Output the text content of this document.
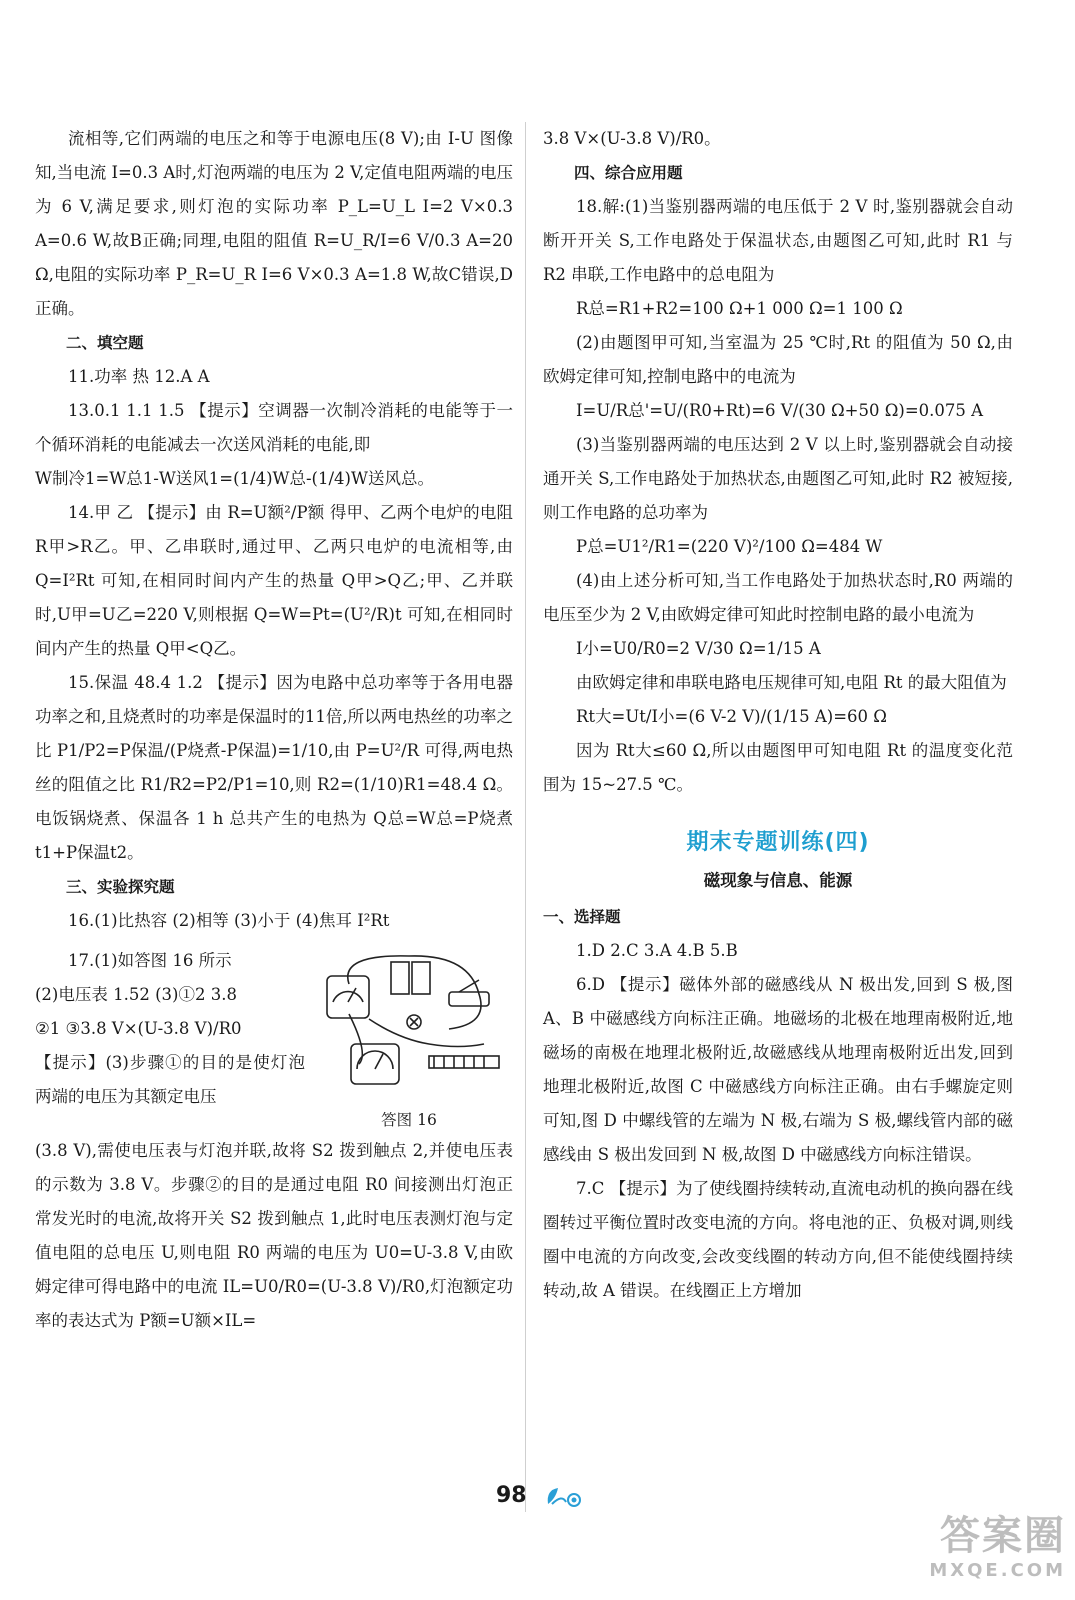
流相等,它们两端的电压之和等于电源电压(8 V);由 I-U 图像知,当电流 I=0.3 A时,灯泡两端的电压为 2 V,定值电阻两端的电压为 6 V,满足要求,则灯泡的实际功率 P_L=U_L I=2 V×0.3 A=0.6 W,故B正确;同理,电阻的阻值 R=U_R/I=6 V/0.3 A=20 Ω,电阻的实际功率 P_R=U_R I=6 V×0.3 A=1.8 W,故C错误,D正确。

二、填空题

11.功率 热 12.A A

13.0.1 1.1 1.5 【提示】空调器一次制冷消耗的电能等于一个循环消耗的电能减去一次送风消耗的电能,即

W制冷1=W总1-W送风1=(1/4)W总-(1/4)W送风总。

14.甲 乙 【提示】由 R=U额²/P额 得甲、乙两个电炉的电阻 R甲>R乙。甲、乙串联时,通过甲、乙两只电炉的电流相等,由 Q=I²Rt 可知,在相同时间内产生的热量 Q甲>Q乙;甲、乙并联时,U甲=U乙=220 V,则根据 Q=W=Pt=(U²/R)t 可知,在相同时间内产生的热量 Q甲<Q乙。

15.保温 48.4 1.2 【提示】因为电路中总功率等于各用电器功率之和,且烧煮时的功率是保温时的11倍,所以两电热丝的功率之比 P1/P2=P保温/(P烧煮-P保温)=1/10,由 P=U²/R 可得,两电热丝的阻值之比 R1/R2=P2/P1=10,则 R2=(1/10)R1=48.4 Ω。电饭锅烧煮、保温各 1 h 总共产生的电热为 Q总=W总=P烧煮t1+P保温t2。

三、实验探究题

16.(1)比热容 (2)相等 (3)小于 (4)焦耳 I²Rt

17.(1)如答图 16 所示

(2)电压表 1.52 (3)①2 3.8

②1 ③3.8 V×(U-3.8 V)/R0

【提示】(3)步骤①的目的是使灯泡两端的电压为其额定电压

答图 16

(3.8 V),需使电压表与灯泡并联,故将 S2 拨到触点 2,并使电压表的示数为 3.8 V。步骤②的目的是通过电阻 R0 间接测出灯泡正常发光时的电流,故将开关 S2 拨到触点 1,此时电压表测灯泡与定值电阻的总电压 U,则电阻 R0 两端的电压为 U0=U-3.8 V,由欧姆定律可得电路中的电流 IL=U0/R0=(U-3.8 V)/R0,灯泡额定功率的表达式为 P额=U额×IL=

3.8 V×(U-3.8 V)/R0。

四、综合应用题

18.解:(1)当鉴别器两端的电压低于 2 V 时,鉴别器就会自动断开开关 S,工作电路处于保温状态,由题图乙可知,此时 R1 与 R2 串联,工作电路中的总电阻为

R总=R1+R2=100 Ω+1 000 Ω=1 100 Ω

(2)由题图甲可知,当室温为 25 ℃时,Rt 的阻值为 50 Ω,由欧姆定律可知,控制电路中的电流为

I=U/R总'=U/(R0+Rt)=6 V/(30 Ω+50 Ω)=0.075 A

(3)当鉴别器两端的电压达到 2 V 以上时,鉴别器就会自动接通开关 S,工作电路处于加热状态,由题图乙可知,此时 R2 被短接,则工作电路的总功率为

P总=U1²/R1=(220 V)²/100 Ω=484 W

(4)由上述分析可知,当工作电路处于加热状态时,R0 两端的电压至少为 2 V,由欧姆定律可知此时控制电路的最小电流为

I小=U0/R0=2 V/30 Ω=1/15 A

由欧姆定律和串联电路电压规律可知,电阻 Rt 的最大阻值为

Rt大=Ut/I小=(6 V-2 V)/(1/15 A)=60 Ω

因为 Rt大≤60 Ω,所以由题图甲可知电阻 Rt 的温度变化范围为 15~27.5 ℃。

期末专题训练(四)
磁现象与信息、能源

一、选择题

1.D 2.C 3.A 4.B 5.B

6.D 【提示】磁体外部的磁感线从 N 极出发,回到 S 极,图 A、B 中磁感线方向标注正确。地磁场的北极在地理南极附近,地磁场的南极在地理北极附近,故磁感线从地理南极附近出发,回到地理北极附近,故图 C 中磁感线方向标注正确。由右手螺旋定则可知,图 D 中螺线管的左端为 N 极,右端为 S 极,螺线管内部的磁感线由 S 极出发回到 N 极,故图 D 中磁感线方向标注错误。

7.C 【提示】为了使线圈持续转动,直流电动机的换向器在线圈转过平衡位置时改变电流的方向。将电池的正、负极对调,则线圈中电流的方向改变,会改变线圈的转动方向,但不能使线圈持续转动,故 A 错误。在线圈正上方增加

98
答案圈
MXQE.COM
